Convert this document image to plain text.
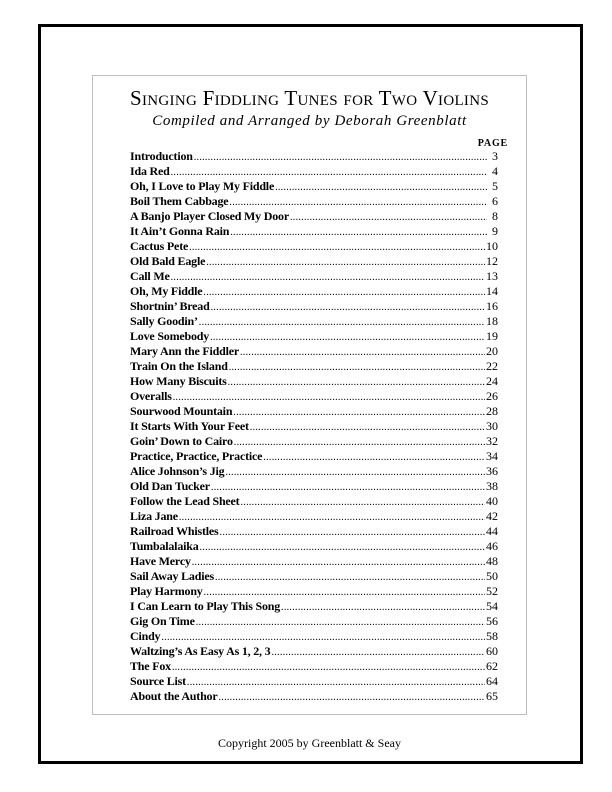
Singing Fiddling Tunes for Two Violins
Compiled and Arranged by Deborah Greenblatt
PAGE
Introduction .....	3
Ida Red .....	4
Oh, I Love to Play My Fiddle .....	5
Boil Them Cabbage .....	6
A Banjo Player Closed My Door .....	8
It Ain’t Gonna Rain .....	9
Cactus Pete .....	10
Old Bald Eagle .....	12
Call Me .....	13
Oh, My Fiddle .....	14
Shortnin’ Bread .....	16
Sally Goodin’ .....	18
Love Somebody .....	19
Mary Ann the Fiddler .....	20
Train On the Island .....	22
How Many Biscuits .....	24
Overalls .....	26
Sourwood Mountain .....	28
It Starts With Your Feet .....	30
Goin’ Down to Cairo .....	32
Practice, Practice, Practice .....	34
Alice Johnson’s Jig .....	36
Old Dan Tucker .....	38
Follow the Lead Sheet .....	40
Liza Jane .....	42
Railroad Whistles .....	44
Tumbalalaika .....	46
Have Mercy .....	48
Sail Away Ladies .....	50
Play Harmony .....	52
I Can Learn to Play This Song .....	54
Gig On Time .....	56
Cindy .....	58
Waltzing’s As Easy As 1, 2, 3 .....	60
The Fox .....	62
Source List .....	64
About the Author .....	65
Copyright 2005 by Greenblatt & Seay
